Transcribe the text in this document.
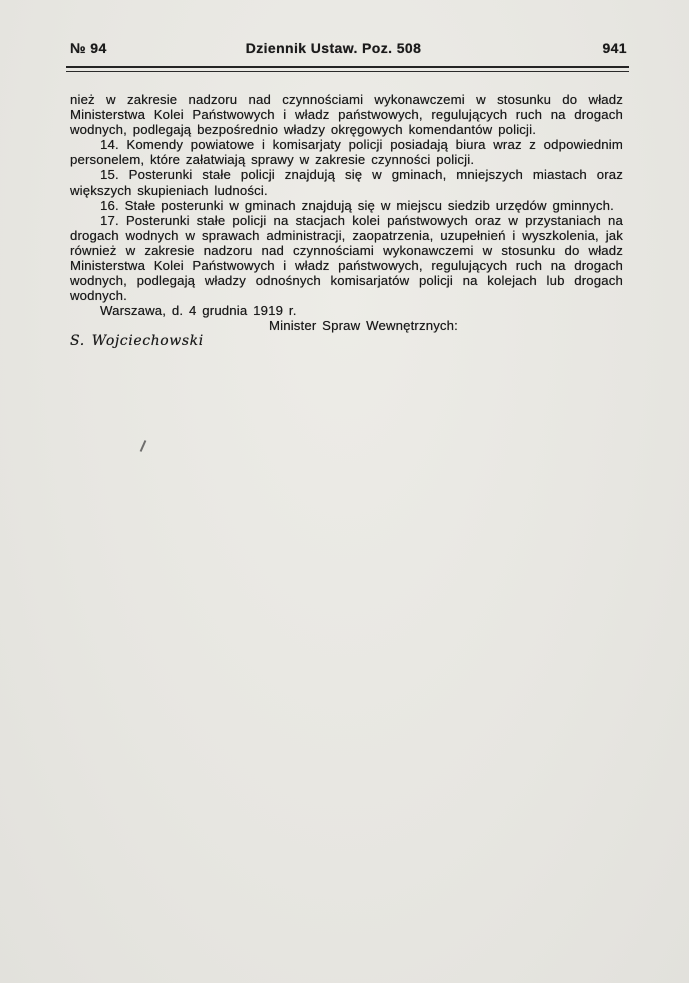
№ 94	Dziennik Ustaw. Poz. 508	941

nież w zakresie nadzoru nad czynnościami wykonawczemi w stosunku do władz Ministerstwa Kolei Państwowych i władz państwowych, regulujących ruch na drogach wodnych, podlegają bezpośrednio władzy okręgowych komendantów policji.

14. Komendy powiatowe i komisarjaty policji posiadają biura wraz z odpowiednim personelem, które załatwiają sprawy w zakresie czynności policji.

15. Posterunki stałe policji znajdują się w gminach, mniejszych miastach oraz większych skupieniach ludności.

16. Stałe posterunki w gminach znajdują się w miejscu siedzib urzędów gminnych.

17. Posterunki stałe policji na stacjach kolei państwowych oraz w przystaniach na drogach wodnych w sprawach administracji, zaopatrzenia, uzupełnień i wyszkolenia, jak również w zakresie nadzoru nad czynnościami wykonawczemi w stosunku do władz Ministerstwa Kolei Państwowych i władz państwowych, regulujących ruch na drogach wodnych, podlegają władzy odnośnych komisarjatów policji na kolejach lub drogach wodnych.

Warszawa, d. 4 grudnia 1919 r.

Minister Spraw Wewnętrznych:

S. Wojciechowski
